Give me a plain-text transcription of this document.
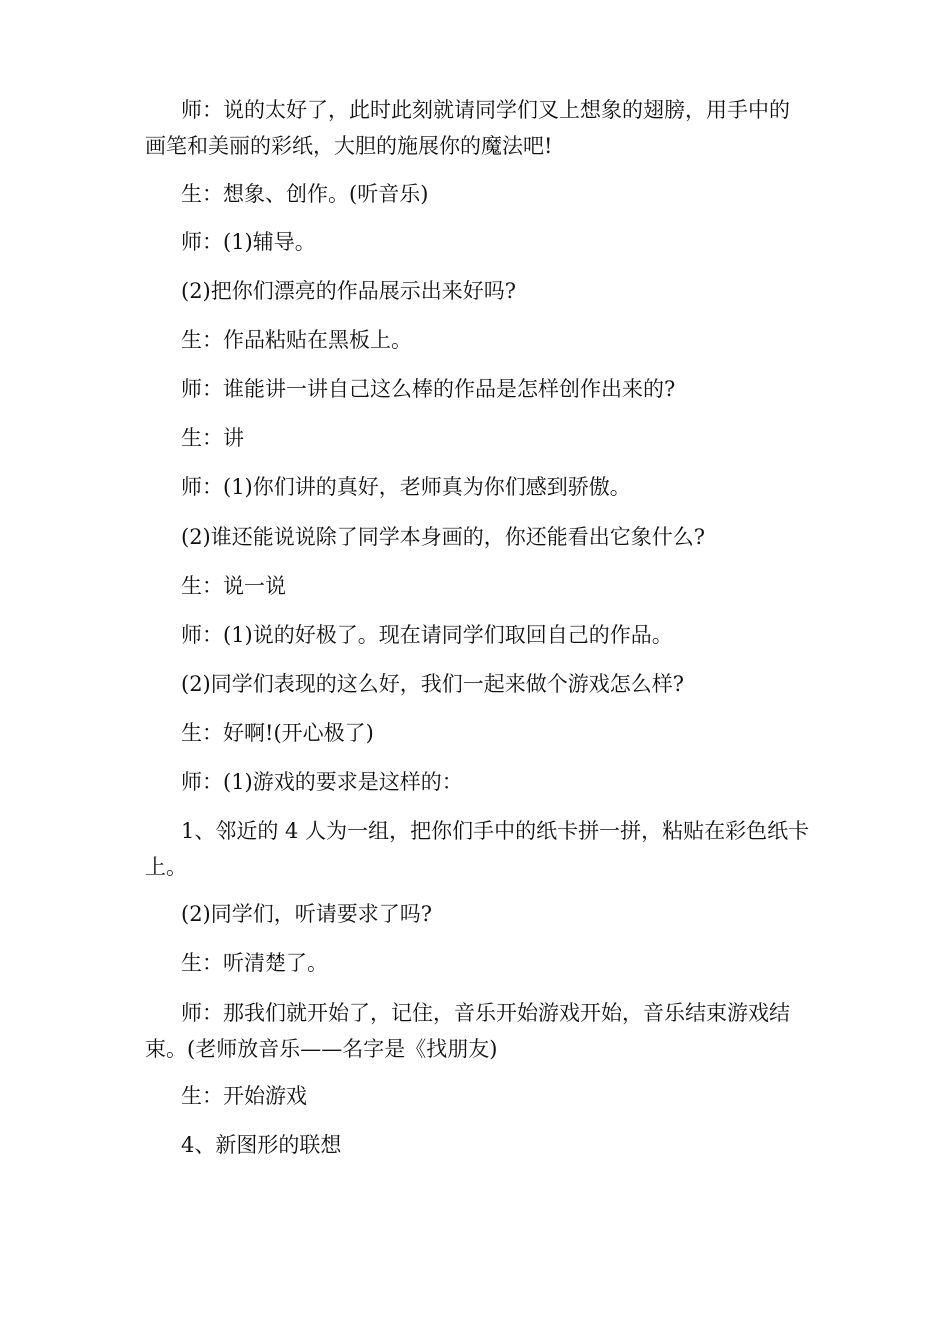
师：说的太好了，此时此刻就请同学们叉上想象的翅膀，用手中的画笔和美丽的彩纸，大胆的施展你的魔法吧!

生：想象、创作。(听音乐)

师：(1)辅导。

(2)把你们漂亮的作品展示出来好吗?

生：作品粘贴在黑板上。

师：谁能讲一讲自己这么棒的作品是怎样创作出来的?

生：讲

师：(1)你们讲的真好，老师真为你们感到骄傲。

(2)谁还能说说除了同学本身画的，你还能看出它象什么?

生：说一说

师：(1)说的好极了。现在请同学们取回自己的作品。

(2)同学们表现的这么好，我们一起来做个游戏怎么样?

生：好啊!(开心极了)

师：(1)游戏的要求是这样的：

1、邻近的 4 人为一组，把你们手中的纸卡拼一拼，粘贴在彩色纸卡上。

(2)同学们，听请要求了吗?

生：听清楚了。

师：那我们就开始了，记住，音乐开始游戏开始，音乐结束游戏结束。(老师放音乐——名字是《找朋友)

生：开始游戏

4、新图形的联想
